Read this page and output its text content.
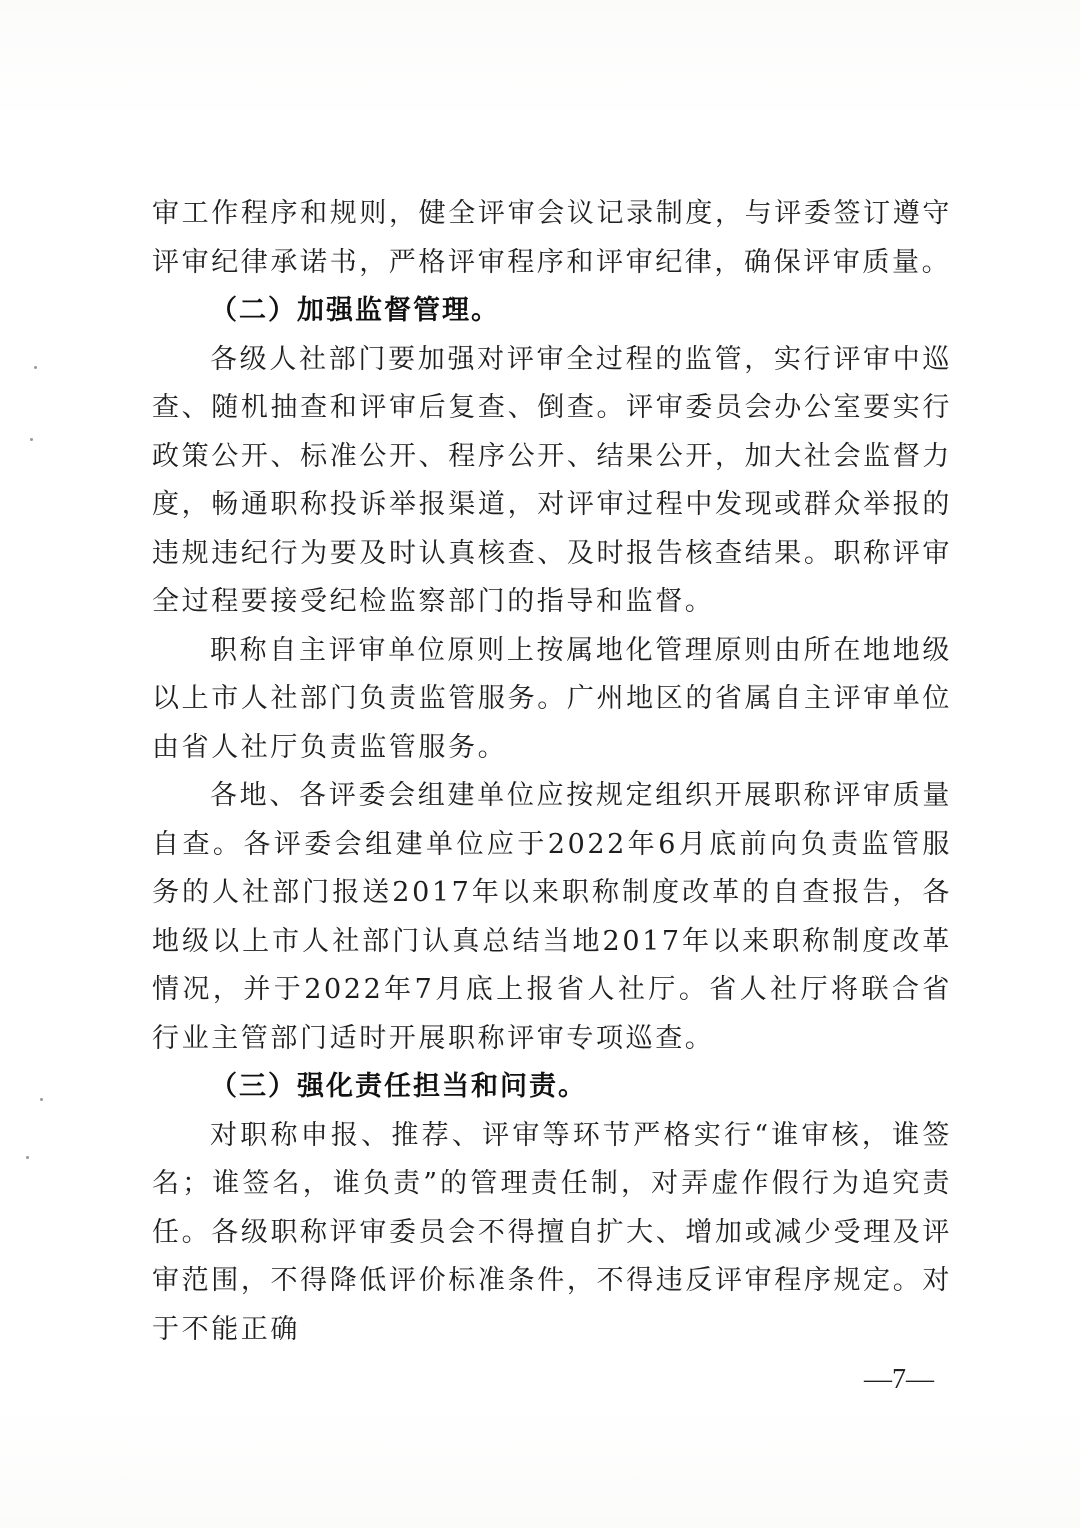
审工作程序和规则，健全评审会议记录制度，与评委签订遵守评审纪律承诺书，严格评审程序和评审纪律，确保评审质量。

（二）加强监督管理。

各级人社部门要加强对评审全过程的监管，实行评审中巡查、随机抽查和评审后复查、倒查。评审委员会办公室要实行政策公开、标准公开、程序公开、结果公开，加大社会监督力度，畅通职称投诉举报渠道，对评审过程中发现或群众举报的违规违纪行为要及时认真核查、及时报告核查结果。职称评审全过程要接受纪检监察部门的指导和监督。

职称自主评审单位原则上按属地化管理原则由所在地地级以上市人社部门负责监管服务。广州地区的省属自主评审单位由省人社厅负责监管服务。

各地、各评委会组建单位应按规定组织开展职称评审质量自查。各评委会组建单位应于2022年6月底前向负责监管服务的人社部门报送2017年以来职称制度改革的自查报告，各地级以上市人社部门认真总结当地2017年以来职称制度改革情况，并于2022年7月底上报省人社厅。省人社厅将联合省行业主管部门适时开展职称评审专项巡查。

（三）强化责任担当和问责。

对职称申报、推荐、评审等环节严格实行“谁审核，谁签名；谁签名，谁负责”的管理责任制，对弄虚作假行为追究责任。各级职称评审委员会不得擅自扩大、增加或减少受理及评审范围，不得降低评价标准条件，不得违反评审程序规定。对于不能正确

—7—
